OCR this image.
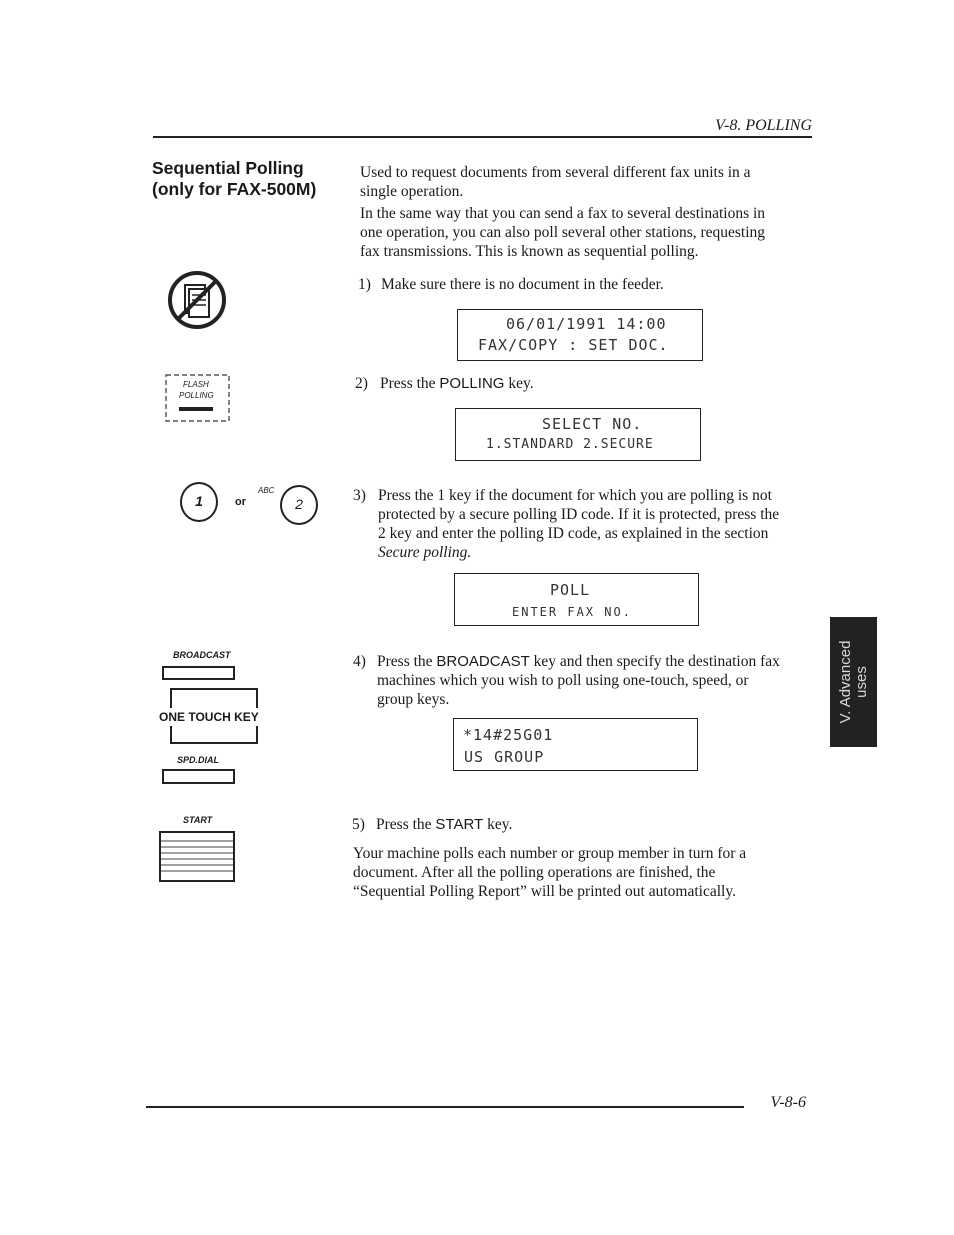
V-8. POLLING
Sequential Polling
(only for FAX-500M)
Used to request documents from several different fax units in a
single operation.
In the same way that you can send a fax to several destinations in
one operation, you can also poll several other stations, requesting
fax transmissions. This is known as sequential polling.
1) Make sure there is no document in the feeder.
06/01/1991 14:00
FAX/COPY : SET DOC.
FLASH
POLLING
2) Press the POLLING key.
SELECT NO.
1.STANDARD 2.SECURE
1	or
ABC
2	3) Press the 1 key if the document for which you are polling is not
protected by a secure polling ID code. If it is protected, press the
2 key and enter the polling ID code, as explained in the section
Secure polling.
POLL
ENTER FAX NO.
BROADCAST
ONE TOUCH KEY
4) Press the BROADCAST key and then specify the destination fax
machines which you wish to poll using one-touch, speed, or
group keys.
*14#25G01
US GROUP
SPD.DIAL
START	5) Press the START key.
Your machine polls each number or group member in turn for a
document. After all the polling operations are finished, the
“Sequential Polling Report” will be printed out automatically.
V. Advanced uses
V-8-6
